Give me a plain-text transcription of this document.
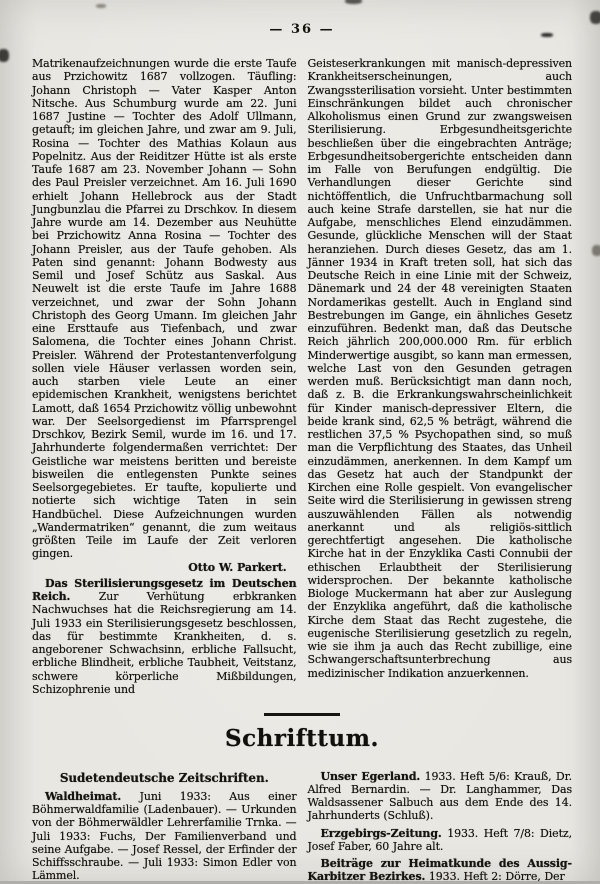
— 36 —

Matrikenaufzeichnungen wurde die erste Taufe aus Przichowitz 1687 vollzogen. Täufling: Johann Christoph — Vater Kasper Anton Nitsche. Aus Schumburg wurde am 22. Juni 1687 Justine — Tochter des Adolf Ullmann, getauft; im gleichen Jahre, und zwar am 9. Juli, Rosina — Tochter des Mathias Kolaun aus Popelnitz. Aus der Reiditzer Hütte ist als erste Taufe 1687 am 23. November Johann — Sohn des Paul Preisler verzeichnet. Am 16. Juli 1690 erhielt Johann Hellebrock aus der Stadt Jungbunzlau die Pfarrei zu Drschkov. In diesem Jahre wurde am 14. Dezember aus Neuhütte bei Przichowitz Anna Rosina — Tochter des Johann Preisler, aus der Taufe gehoben. Als Paten sind genannt: Johann Bodwesty aus Semil und Josef Schütz aus Saskal. Aus Neuwelt ist die erste Taufe im Jahre 1688 verzeichnet, und zwar der Sohn Johann Christoph des Georg Umann. Im gleichen Jahr eine Ersttaufe aus Tiefenbach, und zwar Salomena, die Tochter eines Johann Christ. Preisler. Während der Protestantenverfolgung sollen viele Häuser verlassen worden sein, auch starben viele Leute an einer epidemischen Krankheit, wenigstens berichtet Lamott, daß 1654 Przichowitz völlig unbewohnt war. Der Seelsorgedienst im Pfarrsprengel Drschkov, Bezirk Semil, wurde im 16. und 17. Jahrhunderte folgendermaßen verrichtet: Der Geistliche war meistens beritten und bereiste bisweilen die entlegensten Punkte seines Seelsorgegebietes. Er taufte, kopulierte und notierte sich wichtige Taten in sein Handbüchel. Diese Aufzeichnungen wurden „Wandermatriken“ genannt, die zum weitaus größten Teile im Laufe der Zeit verloren gingen.

Otto W. Parkert.

Das Sterilisierungsgesetz im Deutschen Reich.	Zur Verhütung erbkranken Nachwuchses hat die Reichsregierung am 14. Juli 1933 ein Sterilisierungsgesetz beschlossen, das für bestimmte Krankheiten, d. s. angeborener Schwachsinn, erbliche Fallsucht, erbliche Blindheit, erbliche Taubheit, Veitstanz, schwere körperliche Mißbildungen, Schizophrenie und

Geisteserkrankungen mit manisch-depressiven Krankheitserscheinungen, auch Zwangssterilisation vorsieht. Unter bestimmten Einschränkungen bildet auch chronischer Alkoholismus einen Grund zur zwangsweisen Sterilisierung. Erbgesundheitsgerichte beschließen über die eingebrachten Anträge; Erbgesundheitsobergerichte entscheiden dann im Falle von Berufungen endgültig. Die Verhandlungen dieser Gerichte sind nichtöffentlich, die Unfruchtbarmachung soll auch keine Strafe darstellen, sie hat nur die Aufgabe, menschliches Elend einzudämmen. Gesunde, glückliche Menschen will der Staat heranziehen. Durch dieses Gesetz, das am 1. Jänner 1934 in Kraft treten soll, hat sich das Deutsche Reich in eine Linie mit der Schweiz, Dänemark und 24 der 48 vereinigten Staaten Nordamerikas gestellt. Auch in England sind Bestrebungen im Gange, ein ähnliches Gesetz einzuführen. Bedenkt man, daß das Deutsche Reich jährlich 200,000.000 Rm. für erblich Minderwertige ausgibt, so kann man ermessen, welche Last von den Gesunden getragen werden muß. Berücksichtigt man dann noch, daß z. B. die Erkrankungswahrscheinlichkeit für Kinder manisch-depressiver Eltern, die beide krank sind, 62,5 % beträgt, während die restlichen 37,5 % Psychopathen sind, so muß man die Verpflichtung des Staates, das Unheil einzudämmen, anerkennen. In dem Kampf um das Gesetz hat auch der Standpunkt der Kirchen eine Rolle gespielt. Von evangelischer Seite wird die Sterilisierung in gewissen streng auszuwählenden Fällen als notwendig anerkannt und als religiös-sittlich gerechtfertigt angesehen. Die katholische Kirche hat in der Enzyklika Casti Connubii der ethischen Erlaubtheit der Sterilisierung widersprochen. Der bekannte katholische Biologe Muckermann hat aber zur Auslegung der Enzyklika angeführt, daß die katholische Kirche dem Staat das Recht zugestehe, die eugenische Sterilisierung gesetzlich zu regeln, wie sie ihm ja auch das Recht zubillige, eine Schwangerschaftsunterbrechung aus medizinischer Indikation anzuerkennen.

Schrifttum.
Sudetendeutsche Zeitschriften.

Waldheimat. Juni 1933: Aus einer Böhmerwaldfamilie (Ladenbauer). — Urkunden von der Böhmerwäldler Lehrerfamilie Trnka. — Juli 1933: Fuchs, Der Familienverband und seine Aufgabe. — Josef Ressel, der Erfinder der Schiffsschraube. — Juli 1933: Simon Edler von Lämmel.

Unser Egerland. 1933. Heft 5/6: Krauß, Dr. Alfred Bernardin. — Dr. Langhammer, Das Waldsassener Salbuch aus dem Ende des 14. Jahrhunderts (Schluß).

Erzgebirgs-Zeitung. 1933. Heft 7/8: Dietz, Josef Faber, 60 Jahre alt.

Beiträge zur Heimatkunde des Aussig-Karbitzer Bezirkes. 1933. Heft 2: Dörre, Der
